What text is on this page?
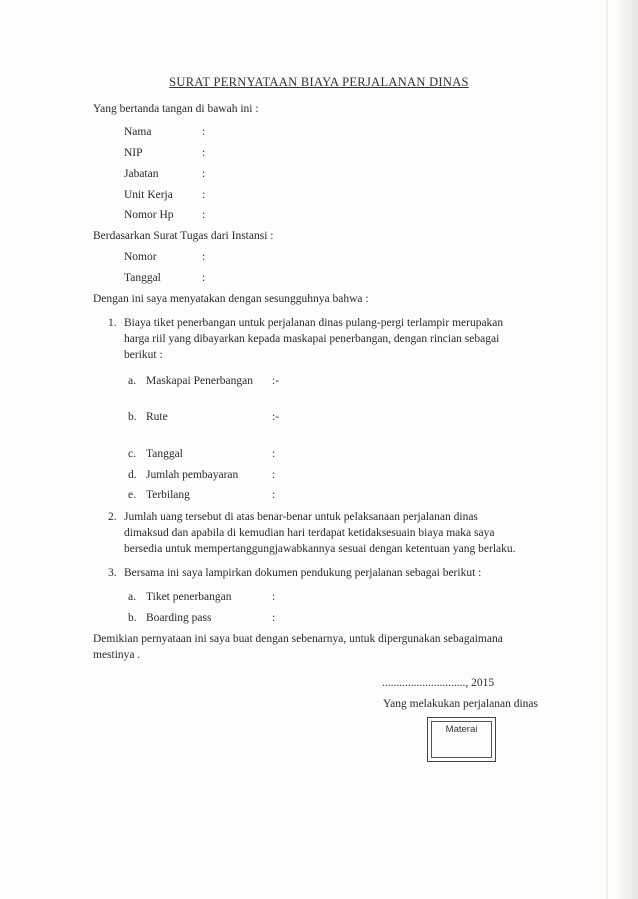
SURAT PERNYATAAN BIAYA PERJALANAN DINAS
Yang bertanda tangan di bawah ini :
Nama	:
NIP	:
Jabatan	:
Unit Kerja	:
Nomor Hp :
Berdasarkan Surat Tugas dari Instansi :
Nomor	:
Tanggal	:
Dengan ini saya menyatakan dengan sesungguhnya bahwa :
1. Biaya tiket penerbangan untuk perjalanan dinas pulang-pergi terlampir merupakan
harga riil yang dibayarkan kepada maskapai penerbangan, dengan rincian sebagai
berikut :
a. Maskapai Penerbangan :-
b. Rute	:-
c. Tanggal	:
d. Jumlah pembayaran	:
e. Terbilang	:
2. Jumlah uang tersebut di atas benar-benar untuk pelaksanaan perjalanan dinas
dimaksud dan apabila di kemudian hari terdapat ketidaksesuain biaya maka saya
bersedia untuk mempertanggungjawabkannya sesuai dengan ketentuan yang berlaku.
3. Bersama ini saya lampirkan dokumen pendukung perjalanan sebagai berikut :
a. Tiket penerbangan	:
b. Boarding pass	:
Demikian pernyataan ini saya buat dengan sebenarnya, untuk dipergunakan sebagaimana
mestinya .
............................., 2015
Yang melakukan perjalanan dinas
Materai
